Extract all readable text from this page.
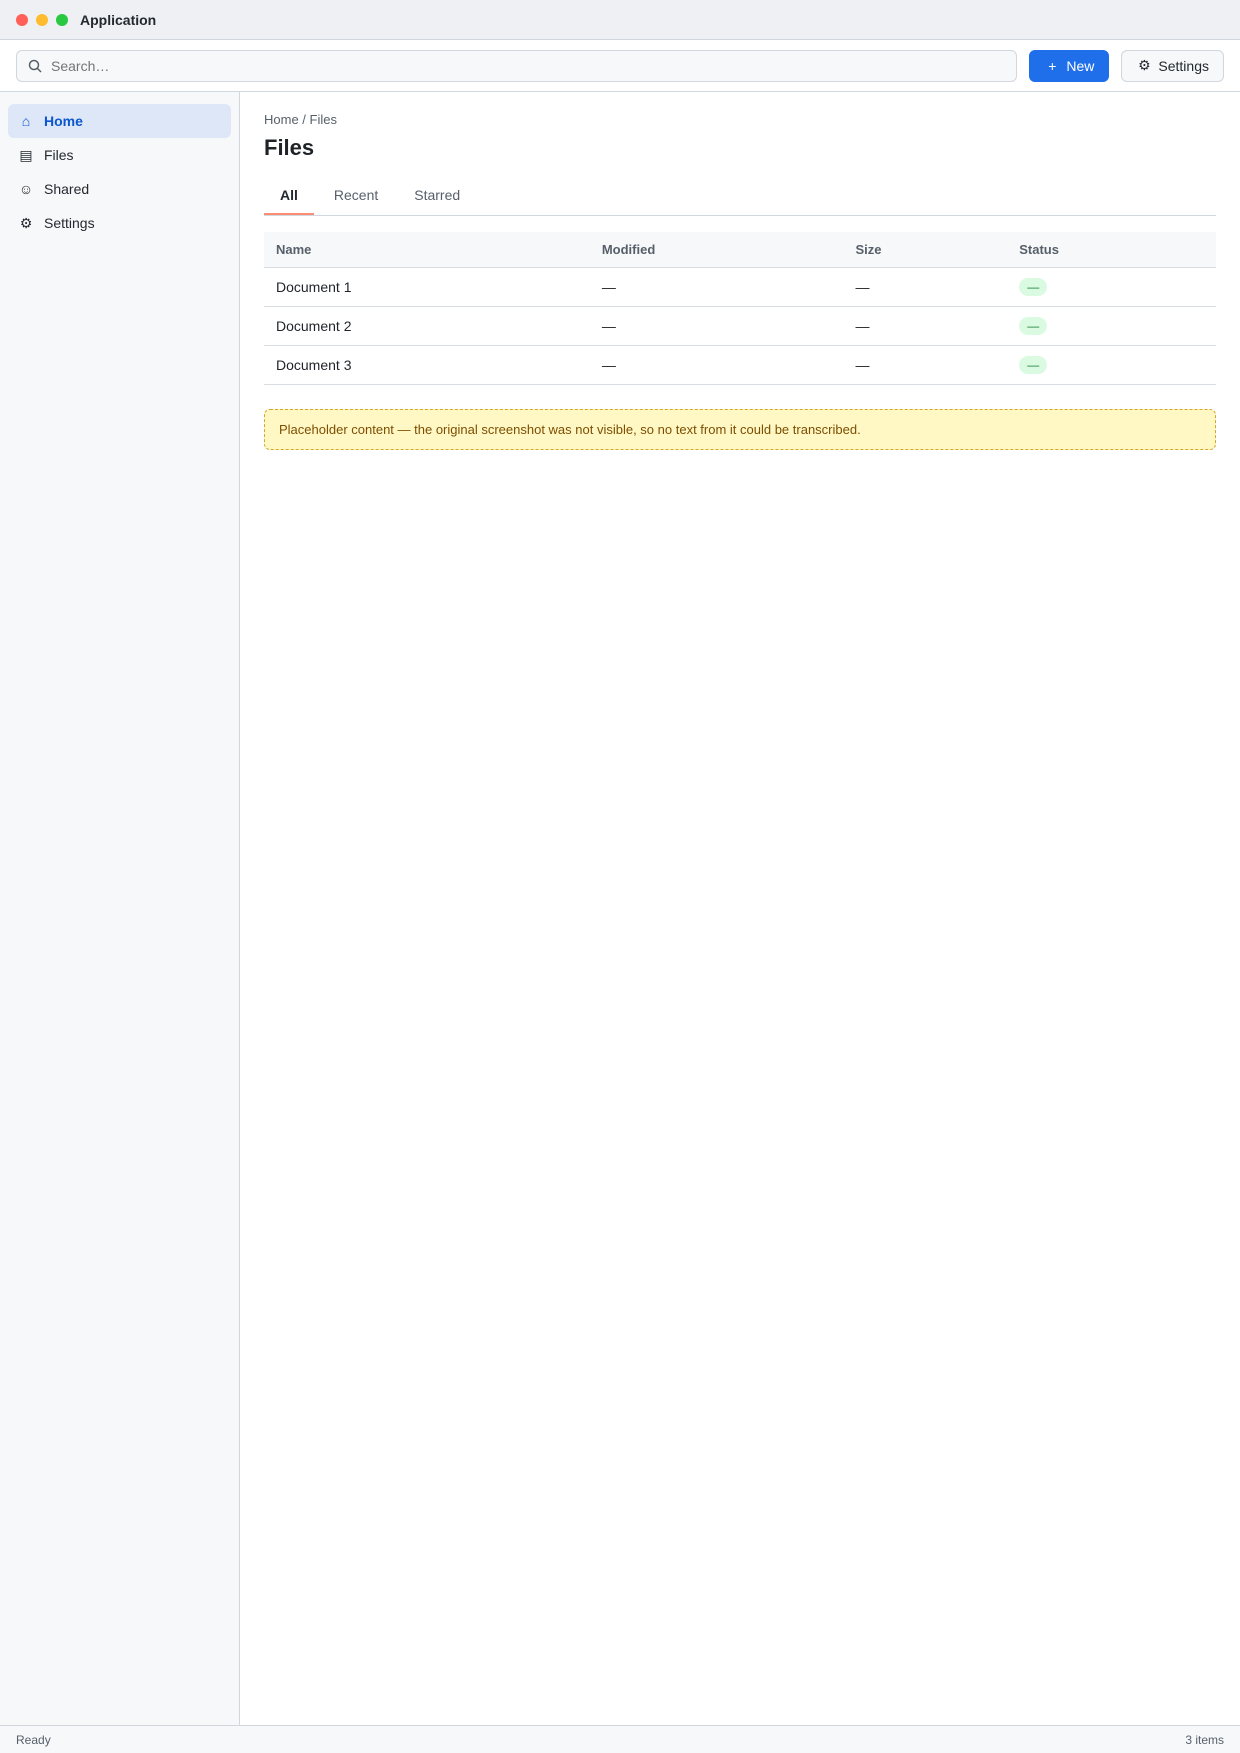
Application
Search…
+ New	⚙ Settings
⌂ Home
▤ Files
☺ Shared
⚙ Settings
Home / Files
Files
All	Recent	Starred
Name	Modified	Size	Status
Document 1	—	—	—
Document 2	—	—	—
Document 3	—	—	—
Placeholder content — the original screenshot was not visible, so no text from it could be transcribed.
Ready	3 items
